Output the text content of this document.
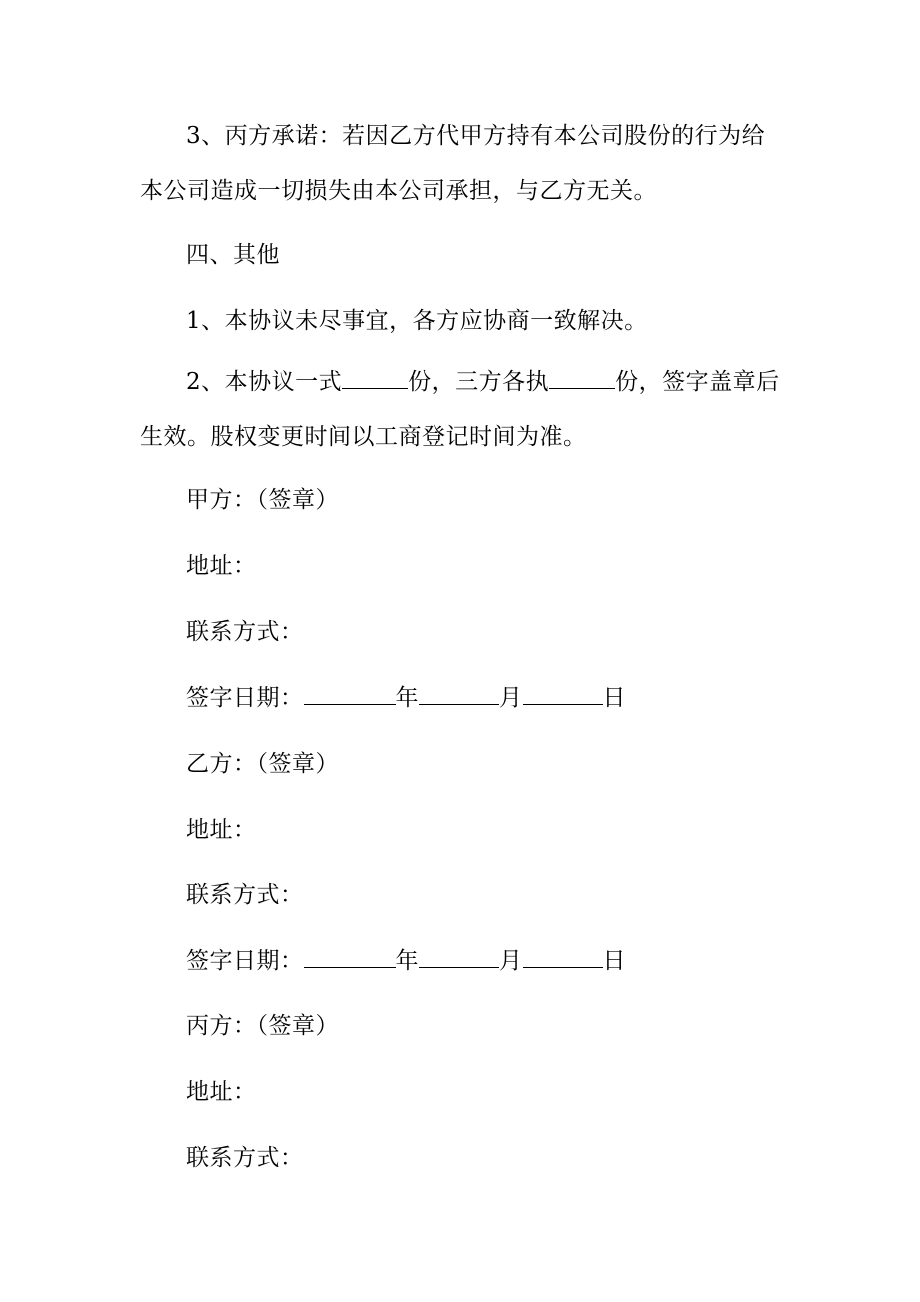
3、丙方承诺：若因乙方代甲方持有本公司股份的行为给本公司造成一切损失由本公司承担，与乙方无关。

四、其他

1、本协议未尽事宜，各方应协商一致解决。

2、本协议一式	份，三方各执	份，签字盖章后生效。股权变更时间以工商登记时间为准。

甲方：（签章）

地址：

联系方式：

签字日期：	年	月	日

乙方：（签章）

地址：

联系方式：

签字日期：	年	月	日

丙方：（签章）

地址：

联系方式：
